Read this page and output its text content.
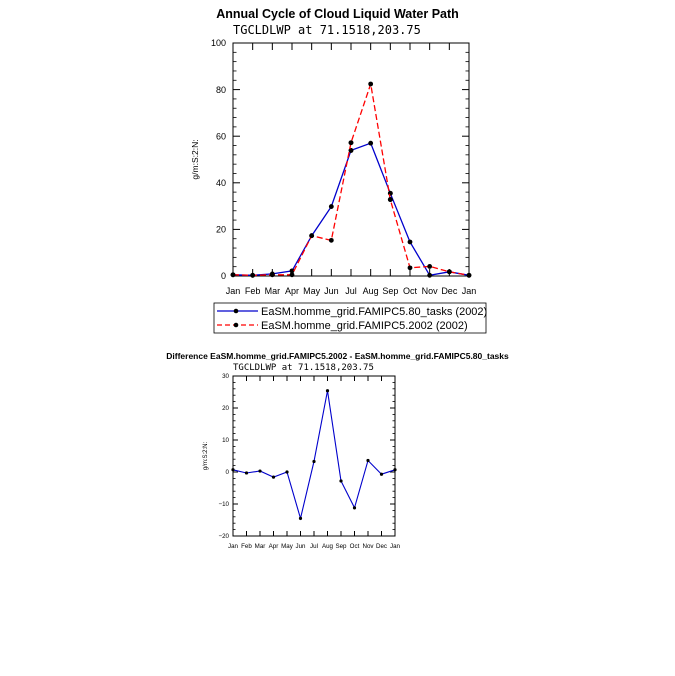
Annual Cycle of Cloud Liquid Water Path
TGCLDLWP at 71.1518,203.75
Difference EaSM.homme_grid.FAMIPC5.2002 - EaSM.homme_grid.FAMIPC5.80_tasks
TGCLDLWP at 71.1518,203.75
0
20
40
60
80
100
Jan Feb Mar Apr May Jun Jul Aug Sep Oct Nov Dec Jan
g/m:S:2:N:
EaSM.homme_grid.FAMIPC5.80_tasks (2002)
EaSM.homme_grid.FAMIPC5.2002 (2002)
−20
−10
0
10
20
30
Jan Feb Mar Apr May Jun Jul Aug Sep Oct Nov Dec Jan
g/m:S:2:N:
